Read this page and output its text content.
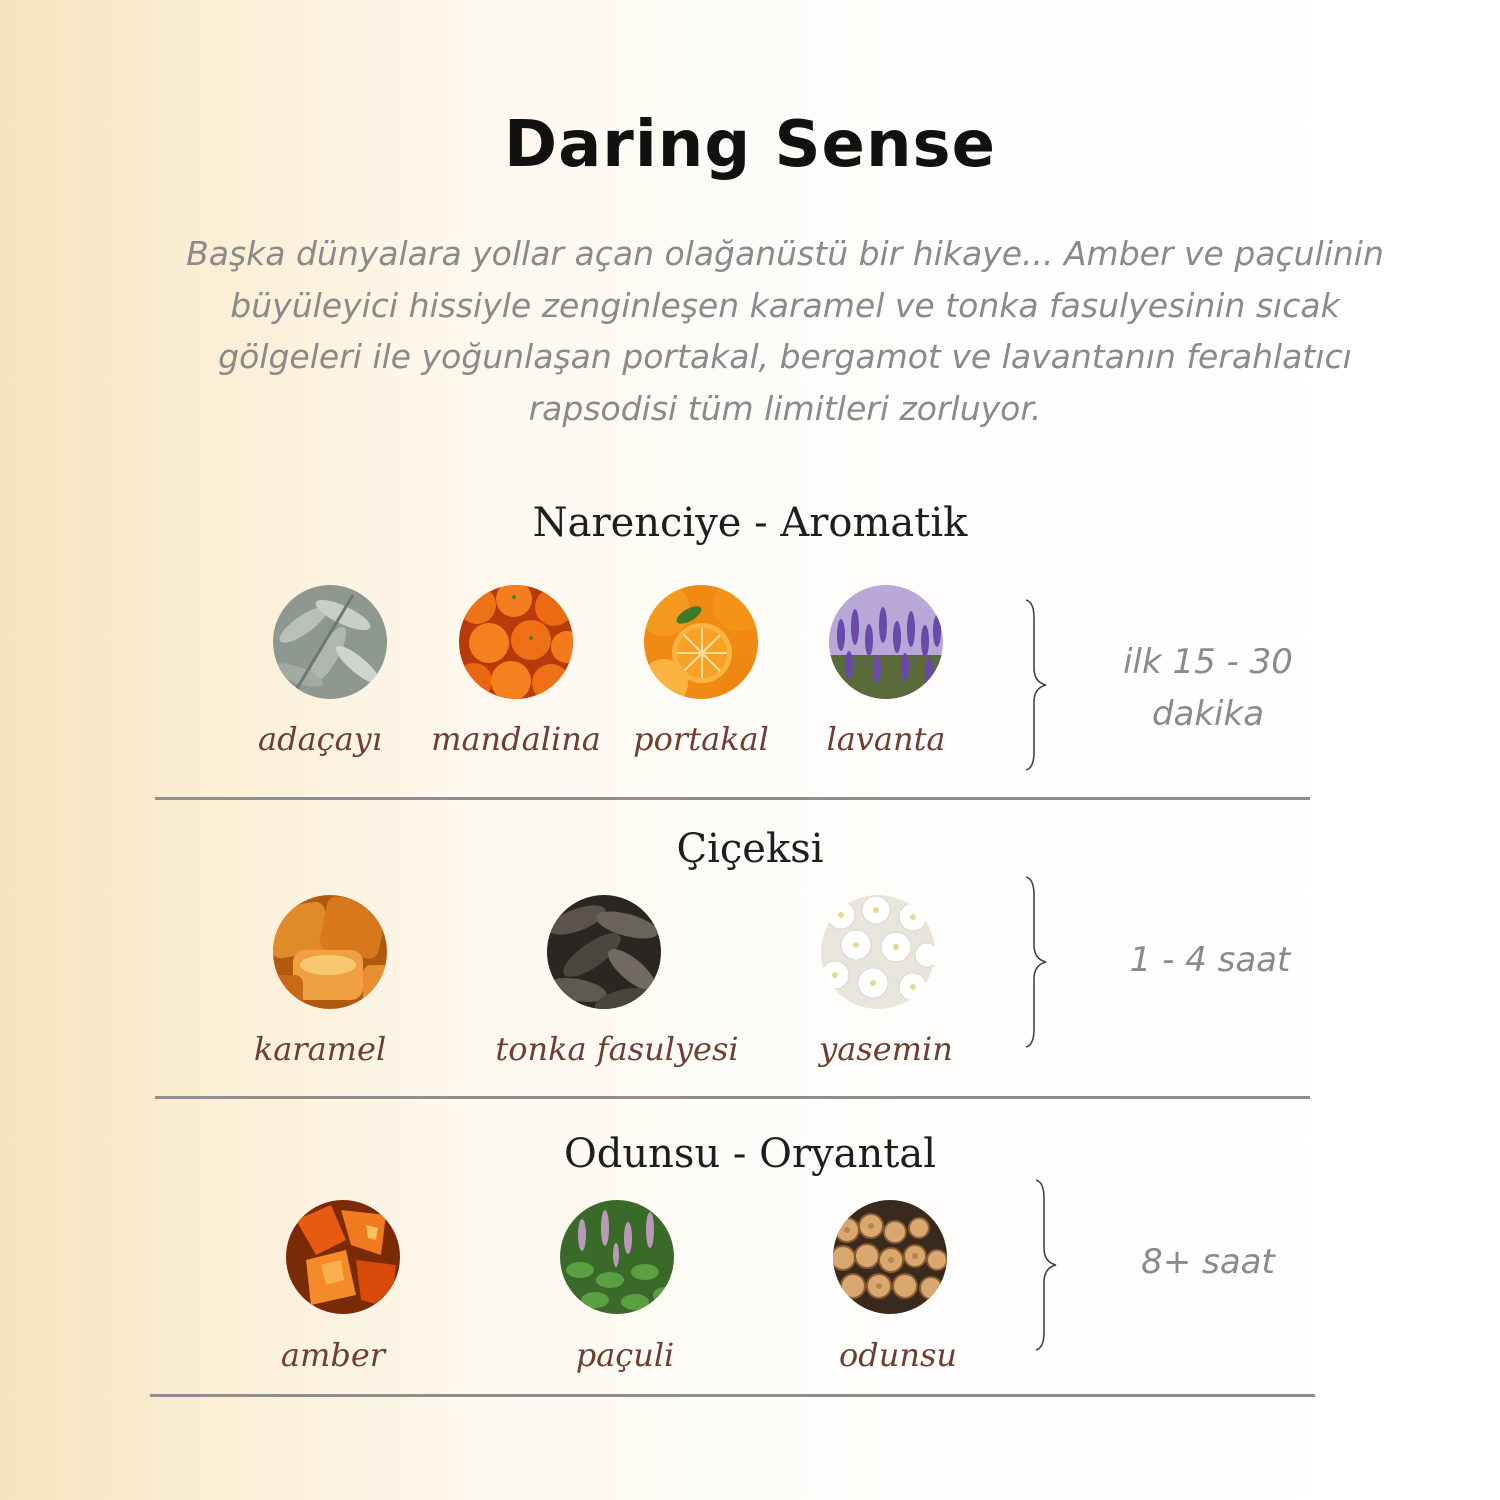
Daring Sense
Başka dünyalara yollar açan olağanüstü bir hikaye... Amber ve paçulinin büyüleyici hissiyle zenginleşen karamel ve tonka fasulyesinin sıcak gölgeleri ile yoğunlaşan portakal, bergamot ve lavantanın ferahlatıcı rapsodisi tüm limitleri zorluyor.
Narenciye - Aromatik
adaçayı	mandalina	portakal	lavanta
ilk 15 - 30 dakika
Çiçeksi
karamel	tonka fasulyesi	yasemin
1 - 4 saat
Odunsu - Oryantal
amber	paçuli	odunsu
8+ saat
